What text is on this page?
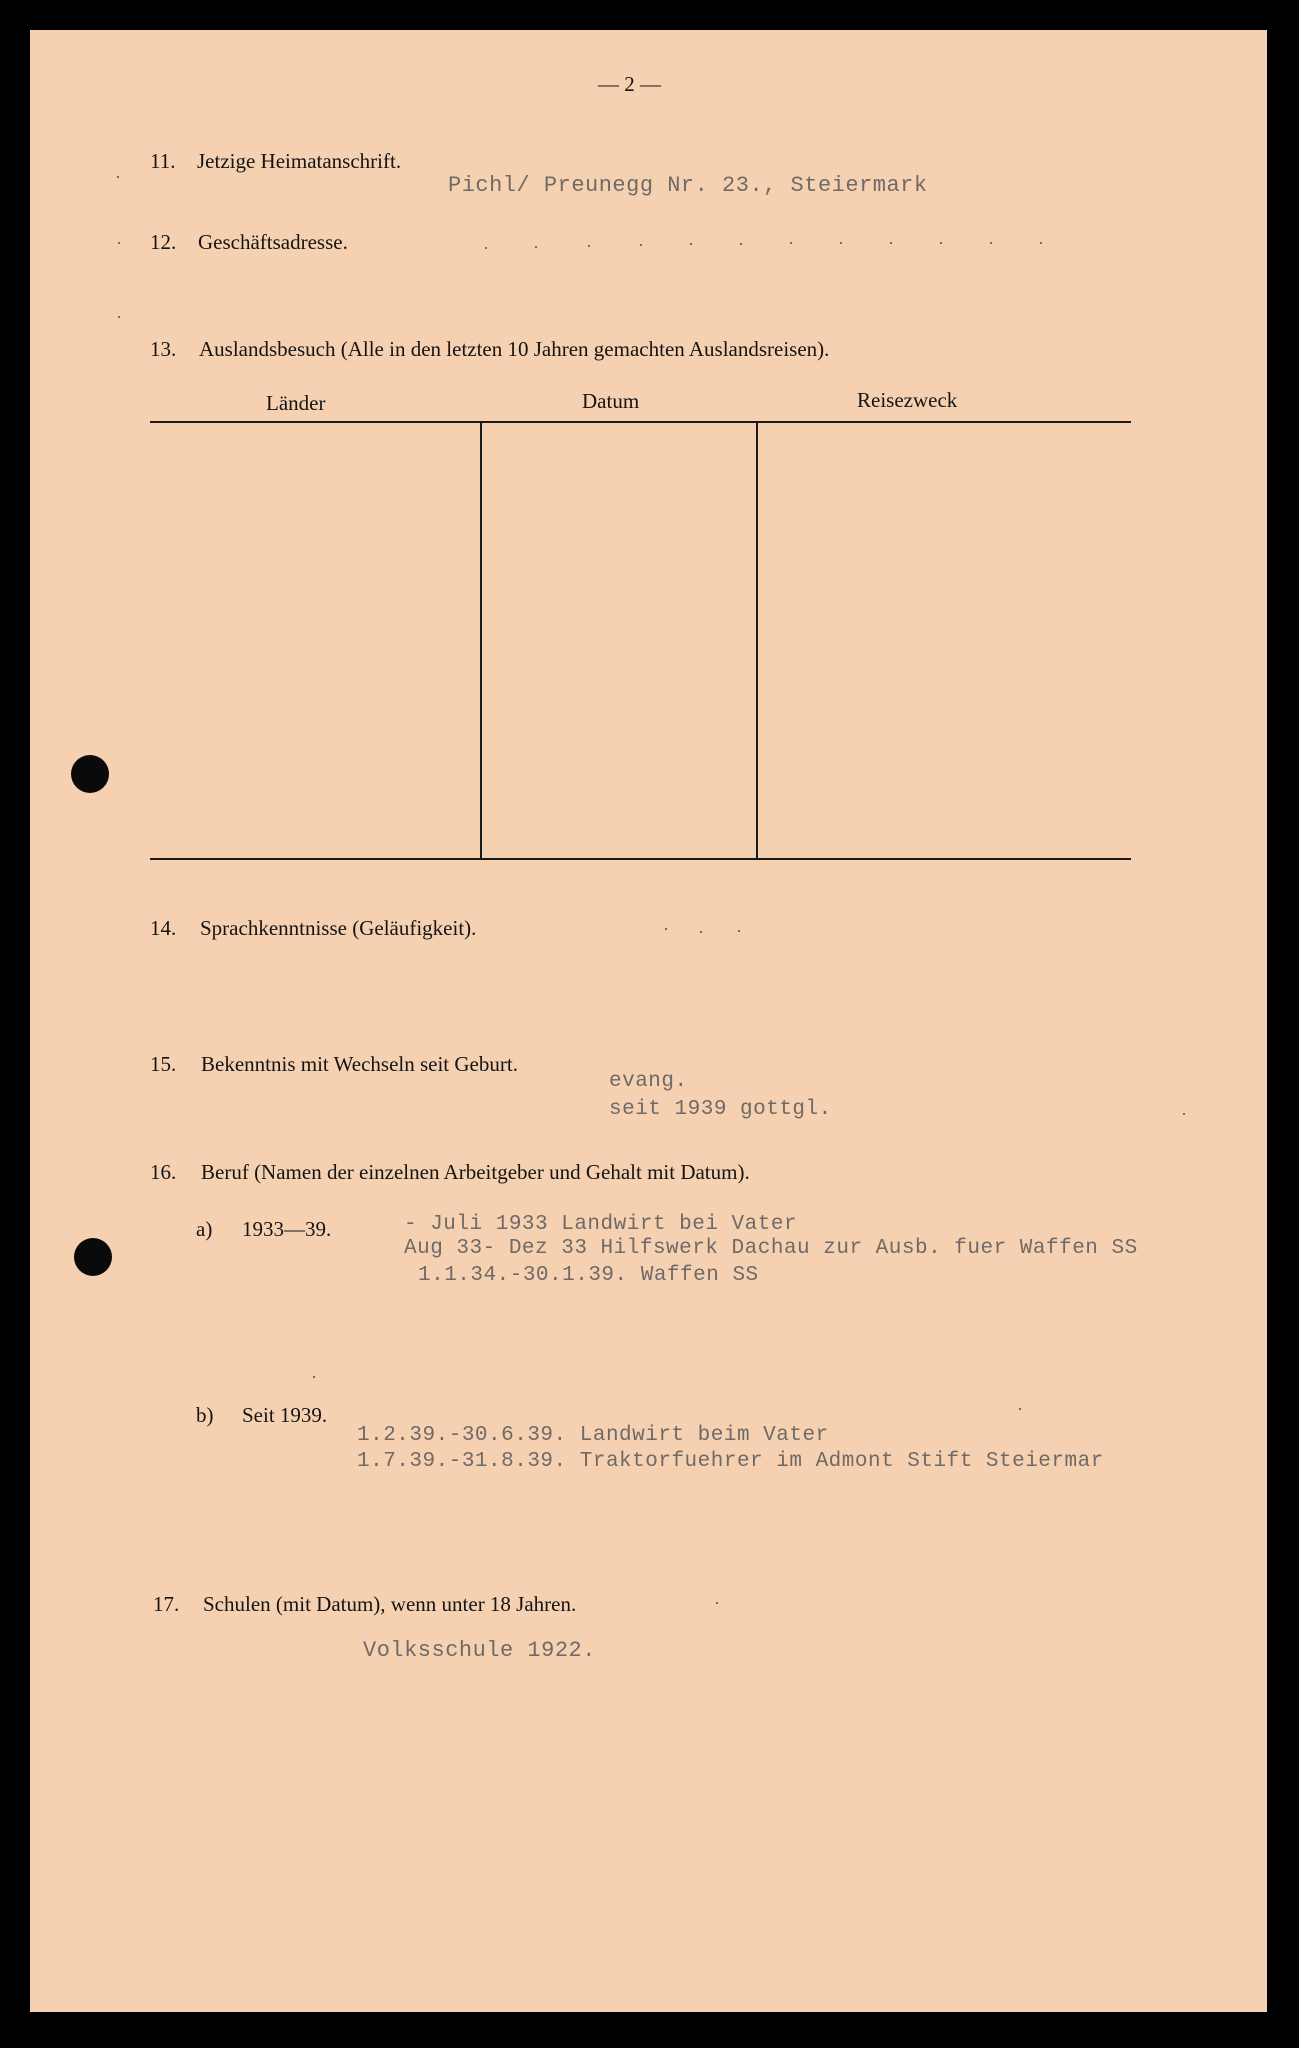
— 2 —
11. Jetzige Heimatanschrift.
Pichl/ Preunegg Nr. 23., Steiermark
12. Geschäftsadresse.
13. Auslandsbesuch (Alle in den letzten 10 Jahren gemachten Auslandsreisen).
Länder	Datum	Reisezweck
14. Sprachkenntnisse (Geläufigkeit).
15. Bekenntnis mit Wechseln seit Geburt.
evang.
seit 1939 gottgl.
16. Beruf (Namen der einzelnen Arbeitgeber und Gehalt mit Datum).
a) 1933—39.	- Juli 1933 Landwirt bei Vater
Aug 33- Dez 33 Hilfswerk Dachau zur Ausb. fuer Waffen SS
1.1.34.-30.1.39. Waffen SS
b) Seit 1939.
1.2.39.-30.6.39. Landwirt beim Vater
1.7.39.-31.8.39. Traktorfuehrer im Admont Stift Steiermar
17. Schulen (mit Datum), wenn unter 18 Jahren.
Volksschule 1922.
